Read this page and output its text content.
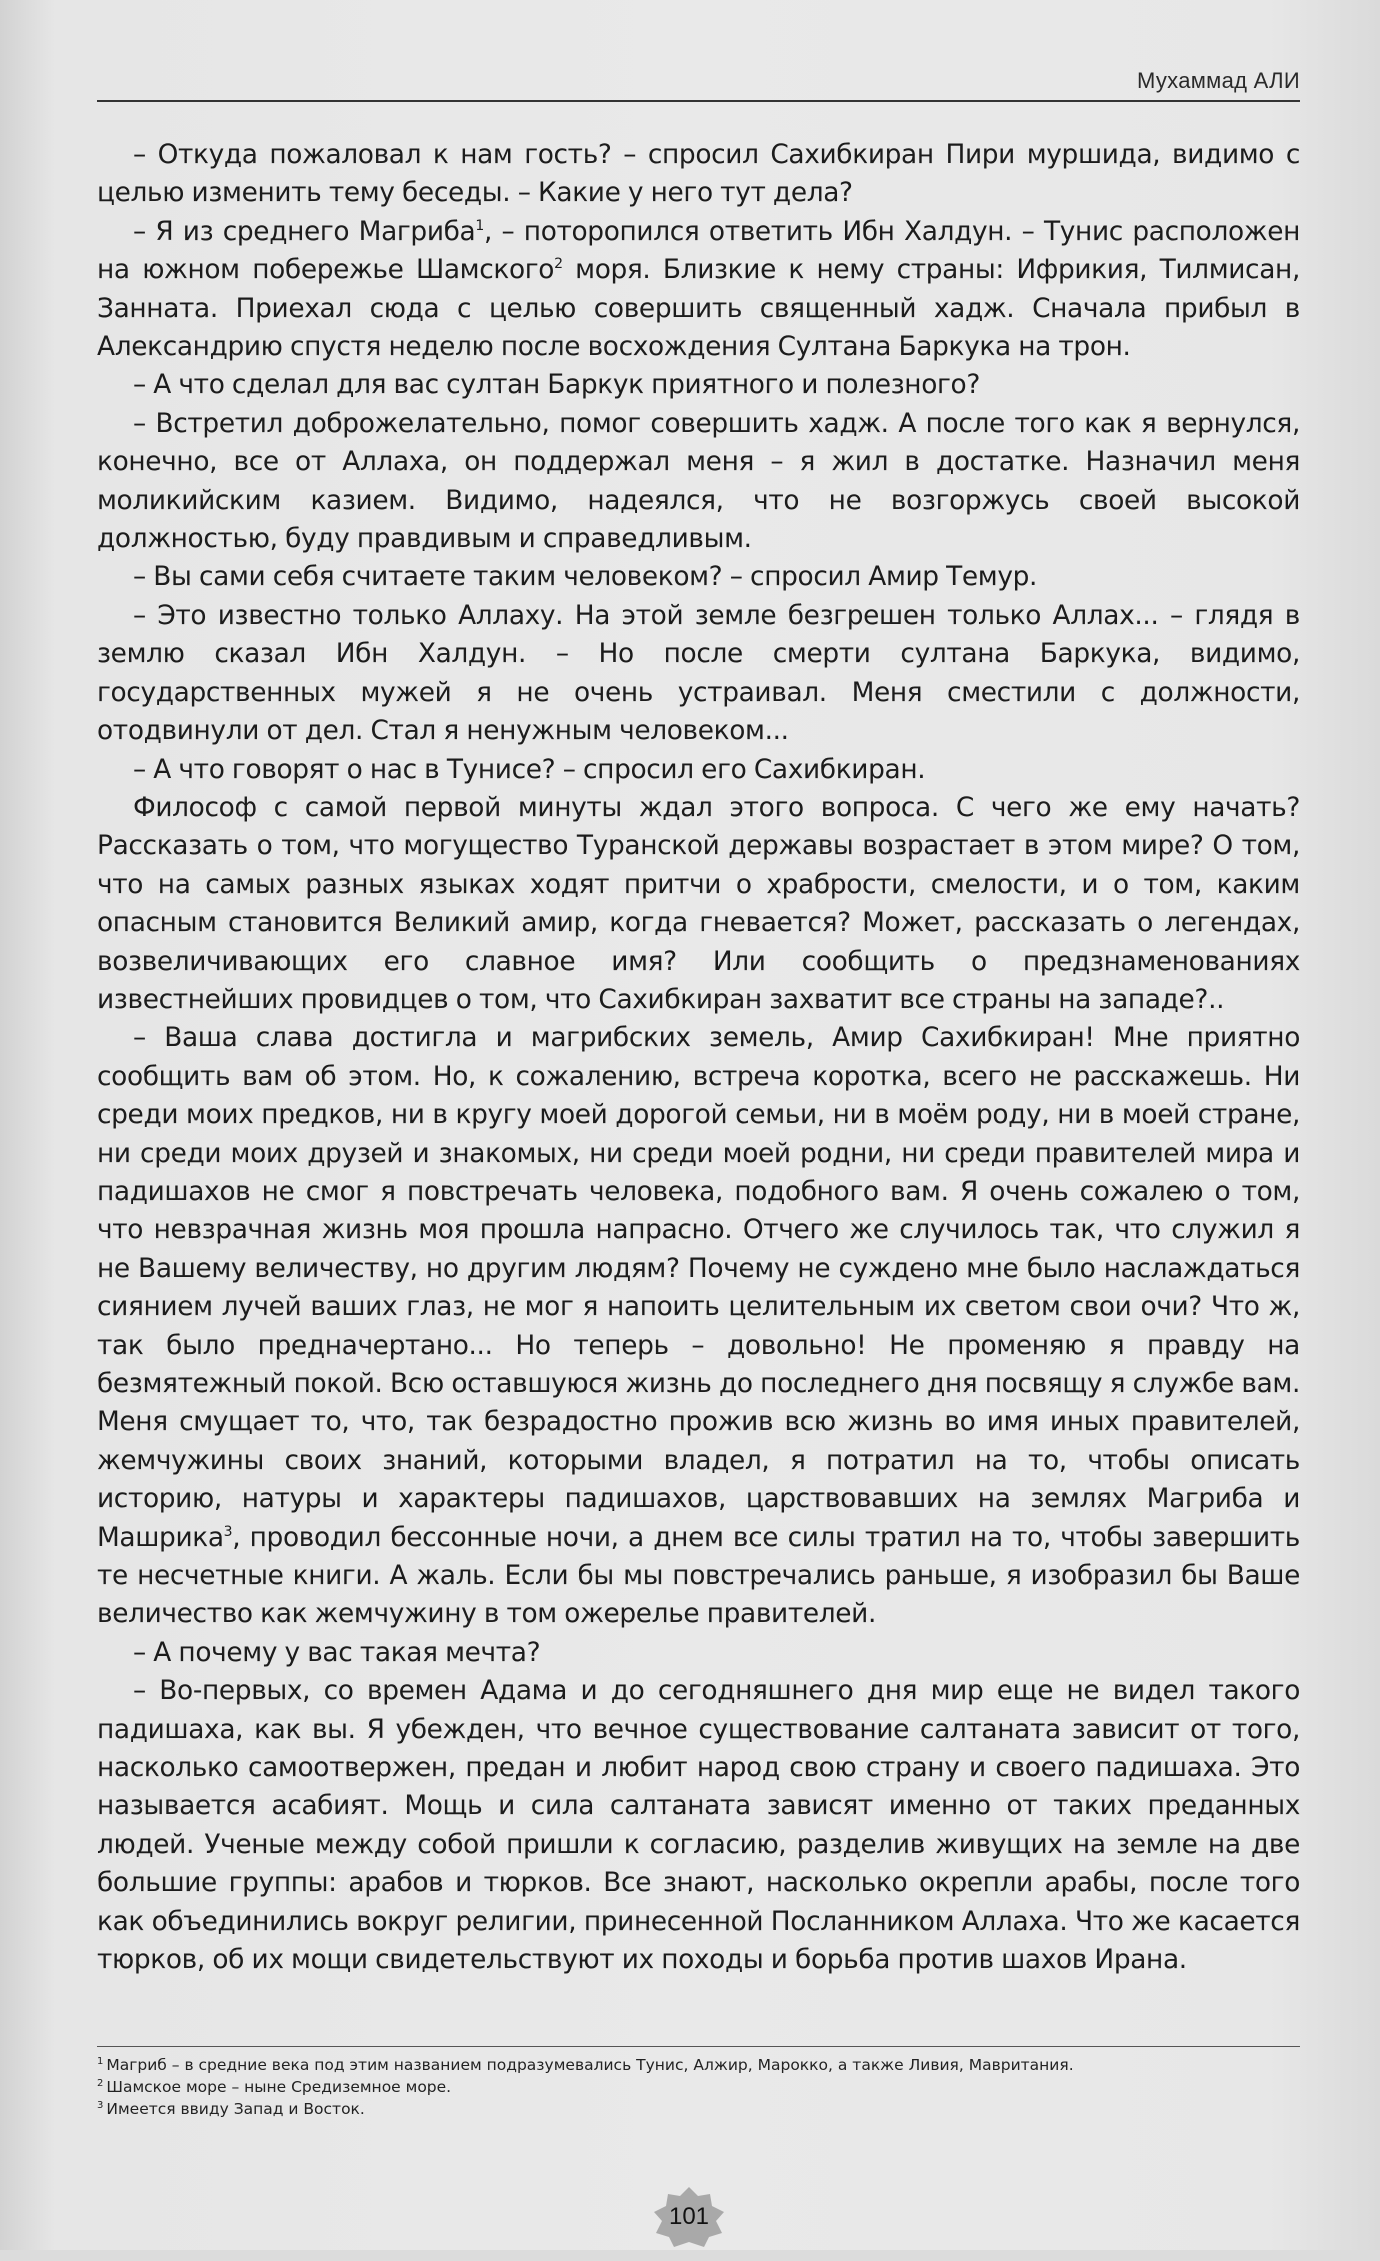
Мухаммад АЛИ

– Откуда пожаловал к нам гость? – спросил Сахибкиран Пири муршида, видимо с целью изменить тему беседы. – Какие у него тут дела?

– Я из среднего Магриба$^1$, – поторопился ответить Ибн Халдун. – Тунис расположен на южном побережье Шамского$^2$ моря. Близкие к нему страны: Ифрикия, Тилмисан, Занната. Приехал сюда с целью совершить священный хадж. Сначала прибыл в Александрию спустя неделю после восхождения Султана Баркука на трон.

– А что сделал для вас султан Баркук приятного и полезного?

– Встретил доброжелательно, помог совершить хадж. А после того как я вернулся, конечно, все от Аллаха, он поддержал меня – я жил в достатке. Назначил меня моликийским казием. Видимо, надеялся, что не возгоржусь своей высокой должностью, буду правдивым и справедливым.

– Вы сами себя считаете таким человеком? – спросил Амир Темур.

– Это известно только Аллаху. На этой земле безгрешен только Аллах... – глядя в землю сказал Ибн Халдун. – Но после смерти султана Баркука, видимо, государственных мужей я не очень устраивал. Меня сместили с должности, отодвинули от дел. Стал я ненужным человеком...

– А что говорят о нас в Тунисе? – спросил его Сахибкиран.

Философ с самой первой минуты ждал этого вопроса. С чего же ему начать? Рассказать о том, что могущество Туранской державы возрастает в этом мире? О том, что на самых разных языках ходят притчи о храбрости, смелости, и о том, каким опасным становится Великий амир, когда гневается? Может, рассказать о легендах, возвеличивающих его славное имя? Или сообщить о предзнаменованиях известнейших провидцев о том, что Сахибкиран захватит все страны на западе?..

– Ваша слава достигла и магрибских земель, Амир Сахибкиран! Мне приятно сообщить вам об этом. Но, к сожалению, встреча коротка, всего не расскажешь. Ни среди моих предков, ни в кругу моей дорогой семьи, ни в моём роду, ни в моей стране, ни среди моих друзей и знакомых, ни среди моей родни, ни среди правителей мира и падишахов не смог я повстречать человека, подобного вам. Я очень сожалею о том, что невзрачная жизнь моя прошла напрасно. Отчего же случилось так, что служил я не Вашему величеству, но другим людям? Почему не суждено мне было наслаждаться сиянием лучей ваших глаз, не мог я напоить целительным их светом свои очи? Что ж, так было предначертано... Но теперь – довольно! Не променяю я правду на безмятежный покой. Всю оставшуюся жизнь до последнего дня посвящу я службе вам. Меня смущает то, что, так безрадостно прожив всю жизнь во имя иных правителей, жемчужины своих знаний, которыми владел, я потратил на то, чтобы описать историю, натуры и характеры падишахов, царствовавших на землях Магриба и Машрика$^3$, проводил бессонные ночи, а днем все силы тратил на то, чтобы завершить те несчетные книги. А жаль. Если бы мы повстречались раньше, я изобразил бы Ваше величество как жемчужину в том ожерелье правителей.

– А почему у вас такая мечта?

– Во-первых, со времен Адама и до сегодняшнего дня мир еще не видел такого падишаха, как вы. Я убежден, что вечное существование салтаната зависит от того, насколько самоотвержен, предан и любит народ свою страну и своего падишаха. Это называется асабият. Мощь и сила салтаната зависят именно от таких преданных людей. Ученые между собой пришли к согласию, разделив живущих на земле на две большие группы: арабов и тюрков. Все знают, насколько окрепли арабы, после того как объединились вокруг религии, принесенной Посланником Аллаха. Что же касается тюрков, об их мощи свидетельствуют их походы и борьба против шахов Ирана.

$^1$ Магриб – в средние века под этим названием подразумевались Тунис, Алжир, Марокко, а также Ливия, Мавритания.
$^2$ Шамское море – ныне Средиземное море.
$^3$ Имеется ввиду Запад и Восток.
101
